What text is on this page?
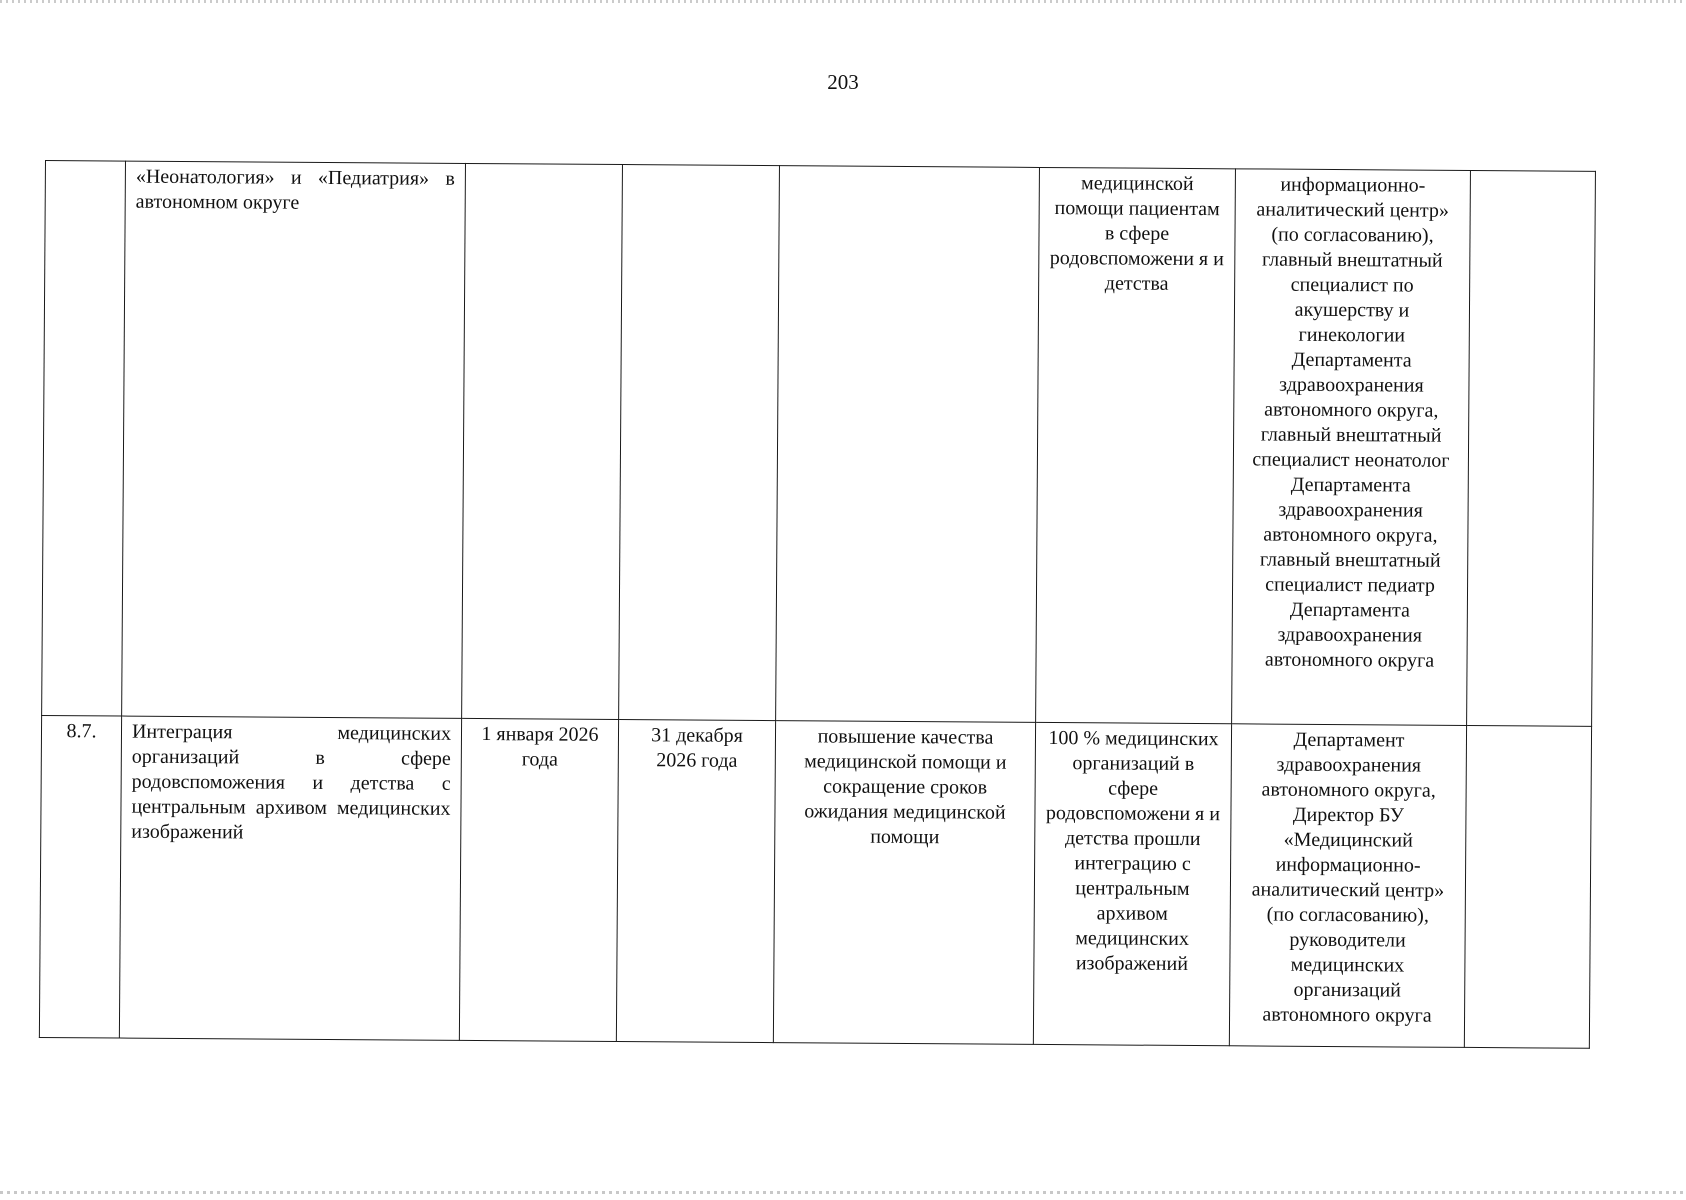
203
	«Неонатология» и «Педиатрия» в автономном округе				медицинской помощи пациентам в сфере родовспоможени я и детства	информационно-аналитический центр» (по согласованию), главный внештатный специалист по акушерству и гинекологии Департамента здравоохранения автономного округа, главный внештатный специалист неонатолог Департамента здравоохранения автономного округа, главный внештатный специалист педиатр Департамента здравоохранения автономного округа	
8.7.	Интеграция медицинских организаций в сфере родовспоможения и детства с центральным архивом медицинских изображений	1 января 2026 года	31 декабря 2026 года	повышение качества медицинской помощи и сокращение сроков ожидания медицинской помощи	100 % медицинских организаций в сфере родовспоможени я и детства прошли интеграцию с центральным архивом медицинских изображений	Департамент здравоохранения автономного округа, Директор БУ «Медицинский информационно-аналитический центр» (по согласованию), руководители медицинских организаций автономного округа	
